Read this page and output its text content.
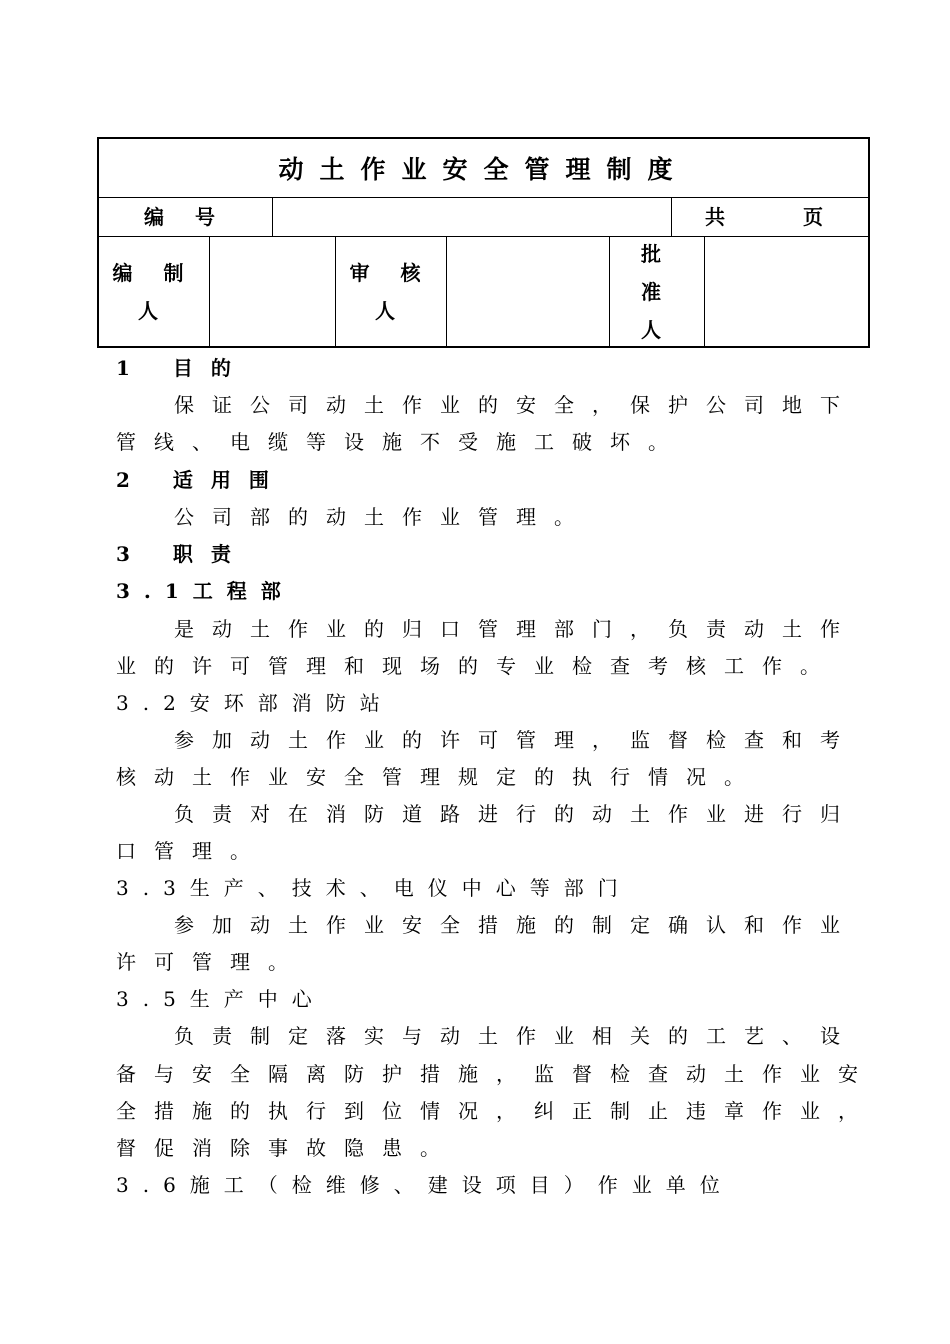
动土作业安全管理制度
编 号	共	页
编 制
人
审 核
人
批
准
人
1 目的
保证公司动土作业的安全，保护公司地下
管线、电缆等设施不受施工破坏。
2 适用围
公司部的动土作业管理。
3 职责
3.1工程部
是动土作业的归口管理部门，负责动土作
业的许可管理和现场的专业检查考核工作。
3.2安环部消防站
参加动土作业的许可管理，监督检查和考
核动土作业安全管理规定的执行情况。
负责对在消防道路进行的动土作业进行归
口管理。
3.3生产、技术、电仪中心等部门
参加动土作业安全措施的制定确认和作业
许可管理。
3.5生产中心
负责制定落实与动土作业相关的工艺、设
备与安全隔离防护措施，监督检查动土作业安
全措施的执行到位情况，纠正制止违章作业，
督促消除事故隐患。
3.6施工（检维修、建设项目）作业单位
